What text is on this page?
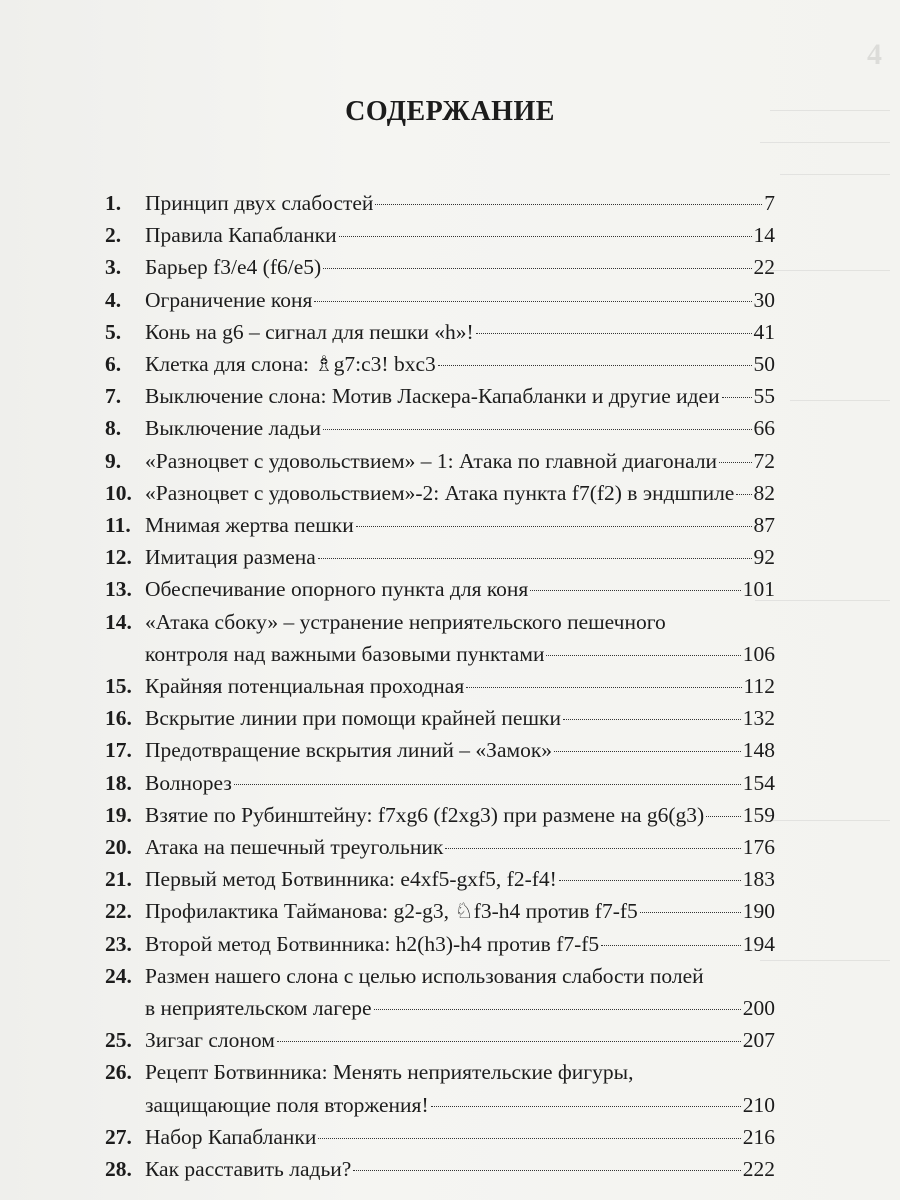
4
СОДЕРЖАНИЕ
1.	Принцип двух слабостей	7
2.	Правила Капабланки	14
3.	Барьер f3/e4 (f6/e5)	22
4.	Ограничение коня	30
5.	Конь на g6 – сигнал для пешки «h»!	41
6.	Клетка для слона: ♗g7:c3! bxc3	50
7.	Выключение слона: Мотив Ласкера-Капабланки и другие идеи 55
8.	Выключение ладьи	66
9.	«Разноцвет с удовольствием» – 1: Атака по главной диагонали 72
10. «Разноцвет с удовольствием»-2: Атака пункта f7(f2) в эндшпиле 82
11. Мнимая жертва пешки	87
12. Имитация размена	92
13. Обеспечивание опорного пункта для коня	101
14. «Атака сбоку» – устранение неприятельского пешечного
контроля над важными базовыми пунктами	106
15. Крайняя потенциальная проходная	112
16. Вскрытие линии при помощи крайней пешки	132
17. Предотвращение вскрытия линий – «Замок»	148
18. Волнорез	154
19. Взятие по Рубинштейну: f7xg6 (f2xg3) при размене на g6(g3) 159
20. Атака на пешечный треугольник	176
21. Первый метод Ботвинника: e4xf5-gxf5, f2-f4!	183
22. Профилактика Тайманова: g2-g3, ♘f3-h4 против f7-f5	190
23. Второй метод Ботвинника: h2(h3)-h4 против f7-f5	194
24. Размен нашего слона с целью использования слабости полей
в неприятельском лагере	200
25. Зигзаг слоном	207
26. Рецепт Ботвинника: Менять неприятельские фигуры,
защищающие поля вторжения!	210
27. Набор Капабланки	216
28. Как расставить ладьи?	222
